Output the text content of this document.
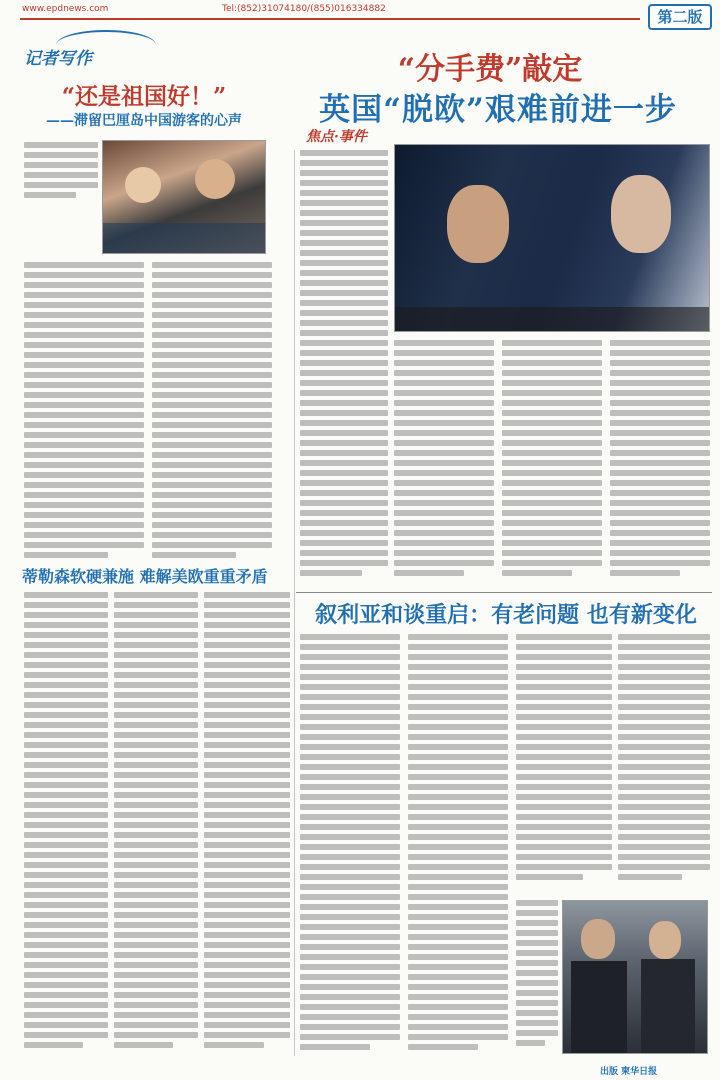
www.epdnews.com	Tel:(852)31074180/(855)016334882	第二版
记者写作
“还是祖国好！”
——滞留巴厘岛中国游客的心声
蒂勒森软硬兼施 难解美欧重重矛盾
“分手费”敲定
英国“脱欧”艰难前进一步
焦点·事件
叙利亚和谈重启：有老问题 也有新变化
出版 柬华日报
